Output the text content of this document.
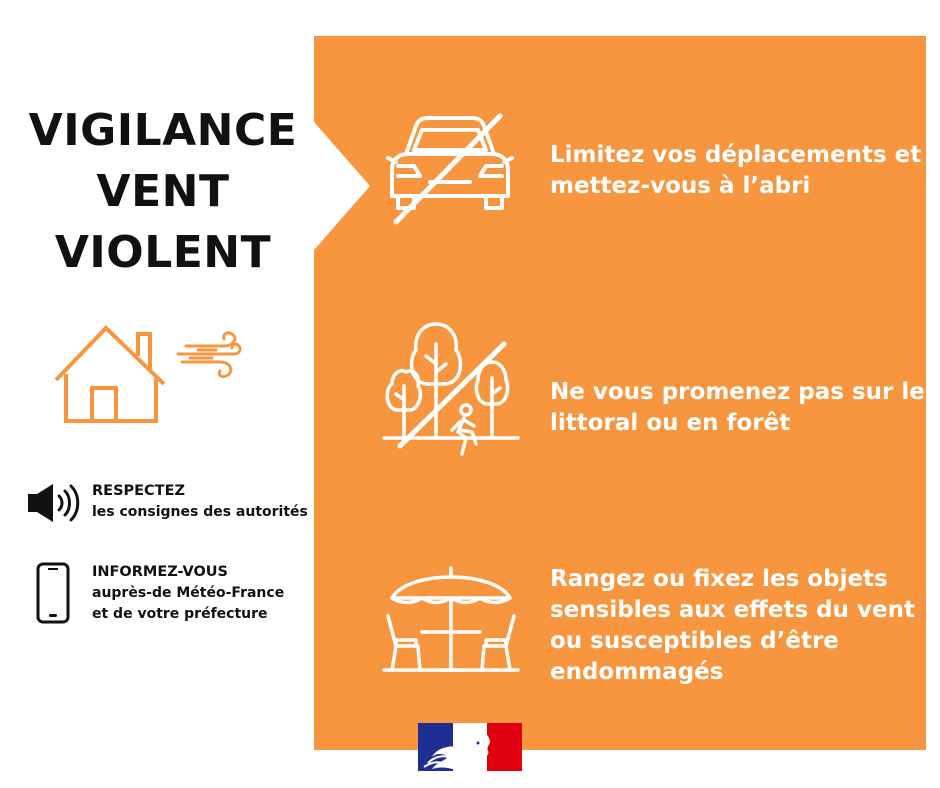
VIGILANCE
VENT
VIOLENT
RESPECTEZ
les consignes des autorités
INFORMEZ-VOUS
auprès-de Météo-France
et de votre préfecture
Limitez vos déplacements et
mettez-vous à l’abri
Ne vous promenez pas sur le
littoral ou en forêt
Rangez ou fixez les objets
sensibles aux effets du vent
ou susceptibles d’être
endommagés
